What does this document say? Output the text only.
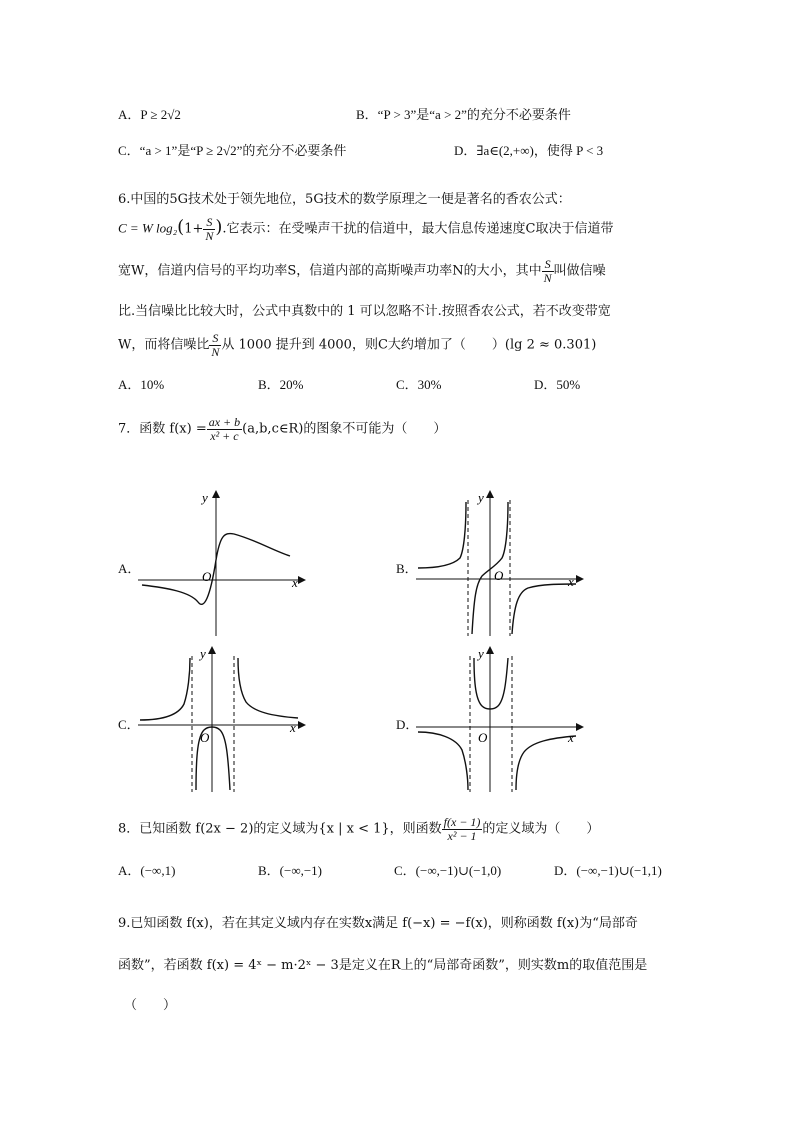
A．P ≥ 2√2	B．“P > 3”是“a > 2”的充分不必要条件
C．“a > 1”是“P ≥ 2√2”的充分不必要条件	D．∃a∈(2,+∞)，使得 P < 3
6.中国的5G技术处于领先地位，5G技术的数学原理之一便是著名的香农公式：
C = W $\log_2(1+ \frac{S}{N}$ ).它表示：在受噪声干扰的信道中，最大信息传递速度C取决于信道带
宽W，信道内信号的平均功率S，信道内部的高斯噪声功率N的大小，其中 $\frac{S}{N}$ 叫做信噪
比.当信噪比比较大时，公式中真数中的 1 可以忽略不计.按照香农公式，若不改变带宽
W，而将信噪比 $\frac{S}{N}$ 从 1000 提升到 4000，则C大约增加了（　　）(lg 2 ≈ 0.301)
A．10%	B．20%	C．30%	D．50%
7．函数 $f(x) = \frac{ax + b}{\text{x² + c}}$ (a,b,c∈R)的图象不可能为（　　）
A．	B．
C．	D．
x
y
O	x
y
O
x
y
O	x
y
O
8．已知函数 f(2x − 2)的定义域为{x | x < 1}，则函数 $\frac{f(x - 1)}{\text{x² − 1}}$ 的定义域为（　　）
A．(−∞,1)	B．(−∞,−1)	C．(−∞,−1)∪(−1,0)	D．(−∞,−1)∪(−1,1)
9.已知函数 f(x)，若在其定义域内存在实数x满足 f(−x) = −f(x)，则称函数 f(x)为“局部奇
函数”，若函数 f(x) = 4ˣ − m·2ˣ − 3是定义在R上的“局部奇函数”，则实数m的取值范围是
（　　）
